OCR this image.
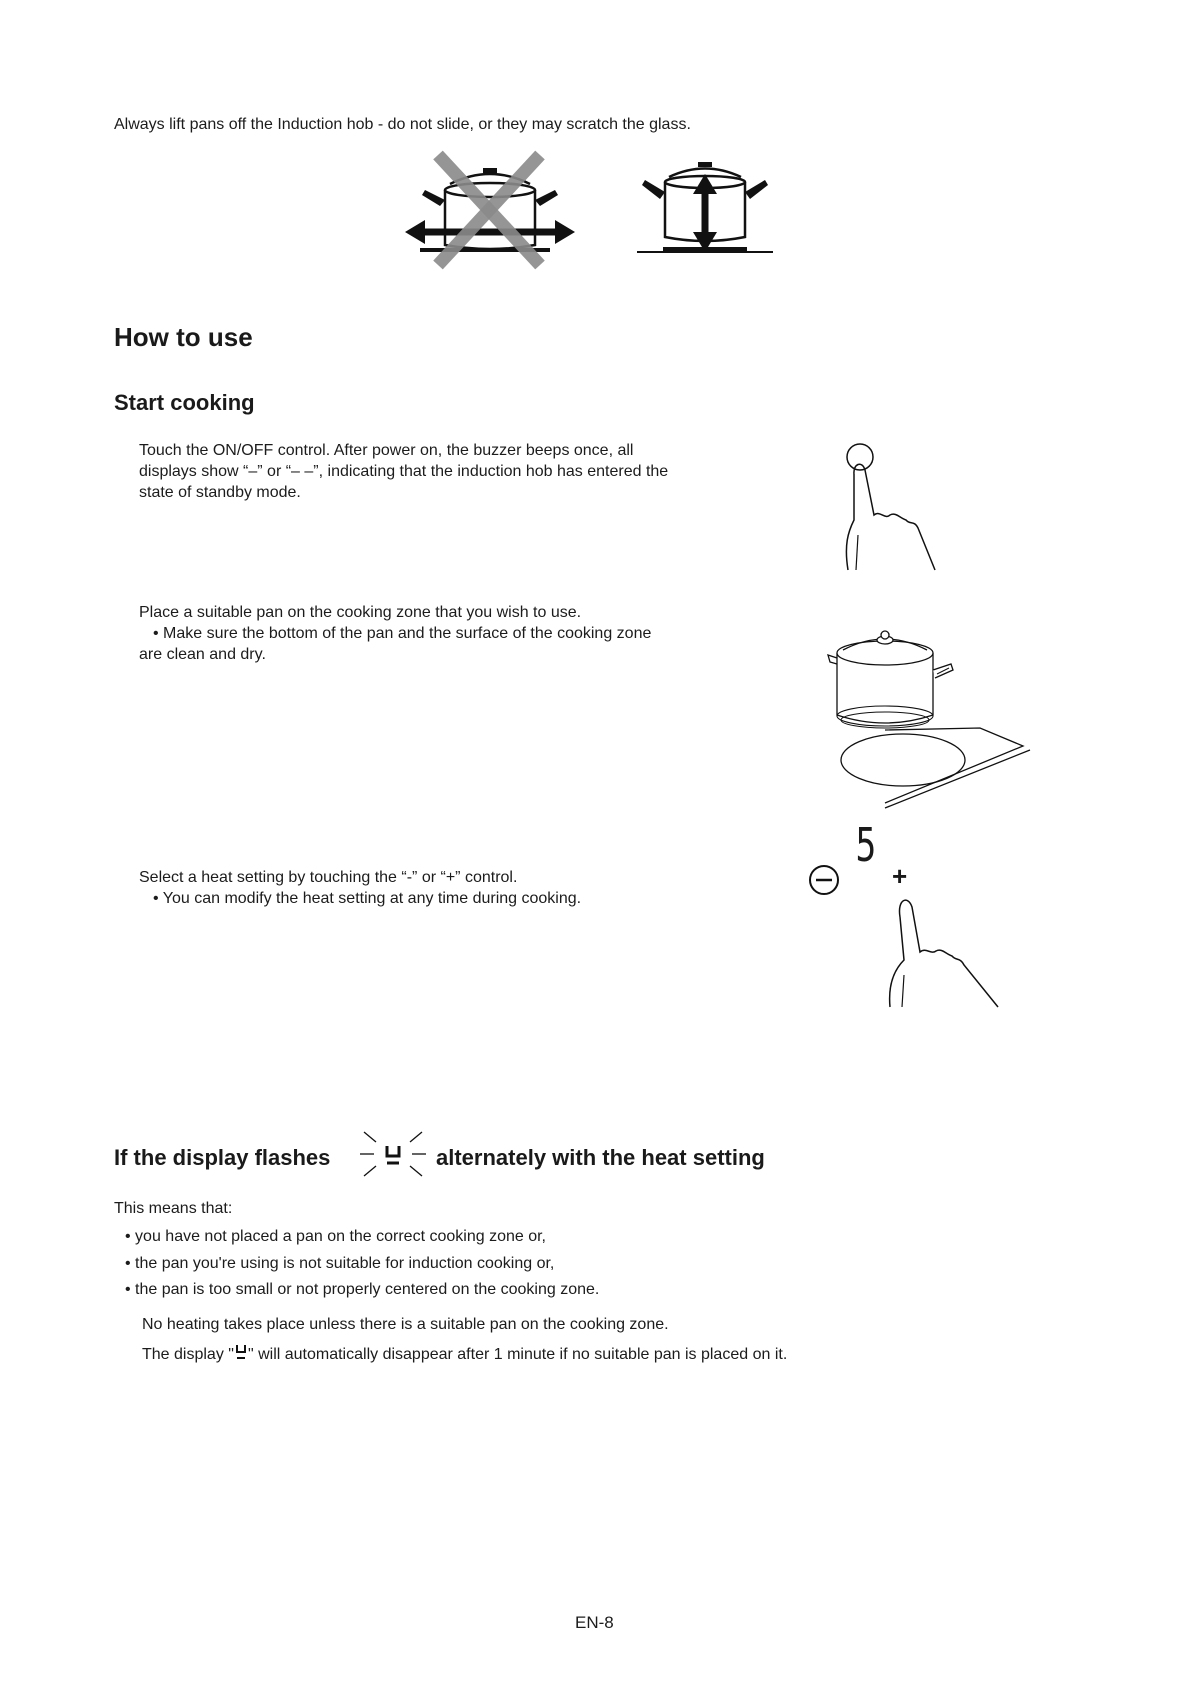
Always lift pans off the Induction hob - do not slide, or they may scratch the glass.
How to use
Start cooking
Touch the ON/OFF control. After power on, the buzzer beeps once, all
displays show “–” or “– –”, indicating that the induction hob has entered the
state of standby mode.
Place a suitable pan on the cooking zone that you wish to use.
• Make sure the bottom of the pan and the surface of the cooking zone
are clean and dry.
Select a heat setting by touching the “-” or “+” control.
• You can modify the heat setting at any time during cooking.
5
+
If the display flashes	alternately with the heat setting
This means that:
• you have not placed a pan on the correct cooking zone or,
• the pan you're using is not suitable for induction cooking or,
• the pan is too small or not properly centered on the cooking zone.
No heating takes place unless there is a suitable pan on the cooking zone.
The display " " will automatically disappear after 1 minute if no suitable pan is placed on it.
EN-8
